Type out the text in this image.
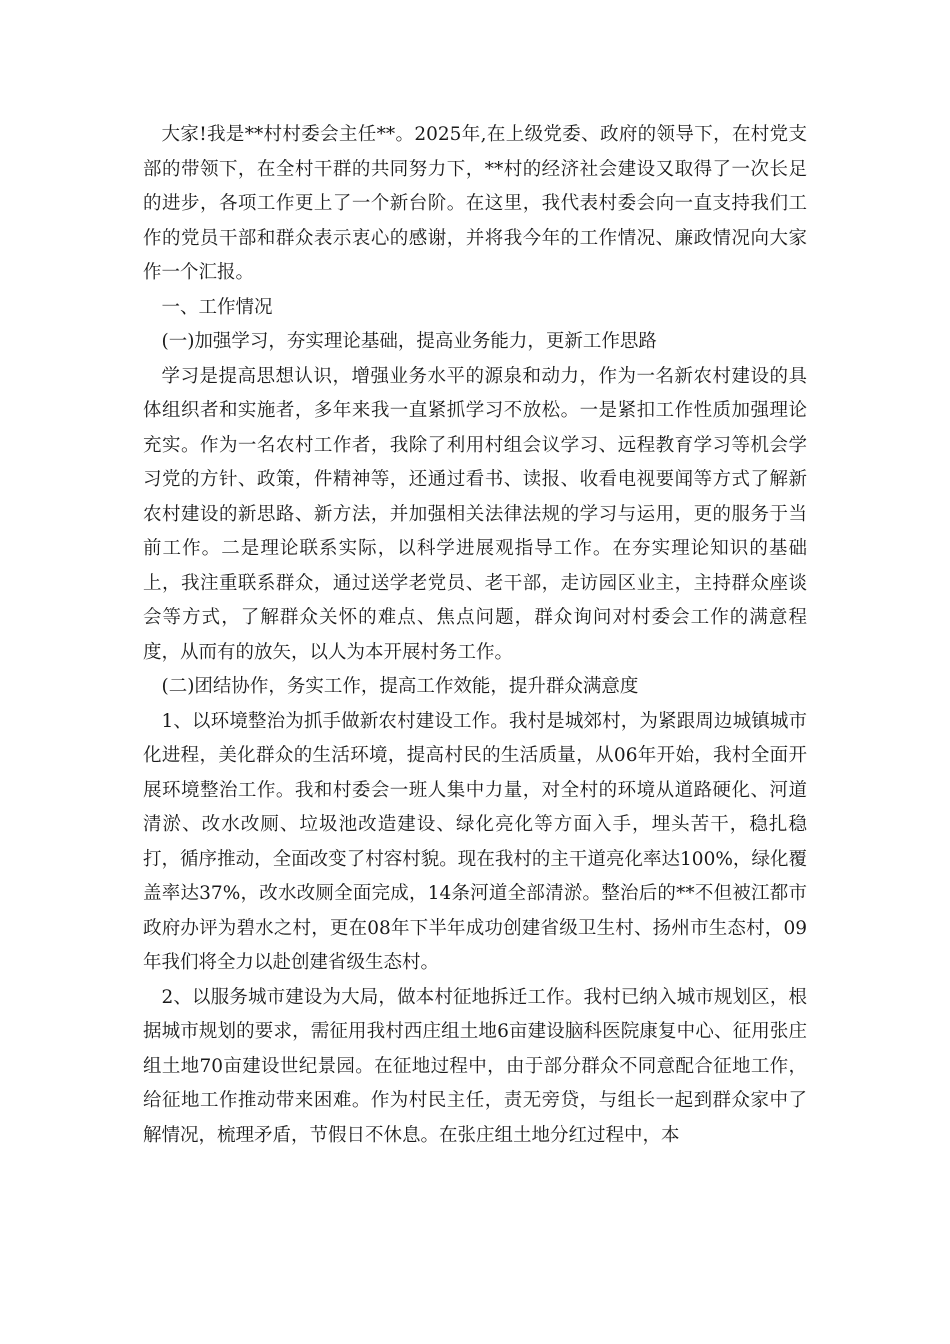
大家!我是**村村委会主任**。2025年,在上级党委、政府的领导下，在村党支部的带领下，在全村干群的共同努力下，**村的经济社会建设又取得了一次长足的进步，各项工作更上了一个新台阶。在这里，我代表村委会向一直支持我们工作的党员干部和群众表示衷心的感谢，并将我今年的工作情况、廉政情况向大家作一个汇报。

一、工作情况

(一)加强学习，夯实理论基础，提高业务能力，更新工作思路

学习是提高思想认识，增强业务水平的源泉和动力，作为一名新农村建设的具体组织者和实施者，多年来我一直紧抓学习不放松。一是紧扣工作性质加强理论充实。作为一名农村工作者，我除了利用村组会议学习、远程教育学习等机会学习党的方针、政策，件精神等，还通过看书、读报、收看电视要闻等方式了解新农村建设的新思路、新方法，并加强相关法律法规的学习与运用，更的服务于当前工作。二是理论联系实际，以科学进展观指导工作。在夯实理论知识的基础上，我注重联系群众，通过送学老党员、老干部，走访园区业主，主持群众座谈会等方式，了解群众关怀的难点、焦点问题，群众询问对村委会工作的满意程度，从而有的放矢，以人为本开展村务工作。

(二)团结协作，务实工作，提高工作效能，提升群众满意度

1、以环境整治为抓手做新农村建设工作。我村是城郊村，为紧跟周边城镇城市化进程，美化群众的生活环境，提高村民的生活质量，从06年开始，我村全面开展环境整治工作。我和村委会一班人集中力量，对全村的环境从道路硬化、河道清淤、改水改厕、垃圾池改造建设、绿化亮化等方面入手，埋头苦干，稳扎稳打，循序推动，全面改变了村容村貌。现在我村的主干道亮化率达100%，绿化覆盖率达37%，改水改厕全面完成，14条河道全部清淤。整治后的**不但被江都市政府办评为碧水之村，更在08年下半年成功创建省级卫生村、扬州市生态村，09年我们将全力以赴创建省级生态村。

2、以服务城市建设为大局，做本村征地拆迁工作。我村已纳入城市规划区，根据城市规划的要求，需征用我村西庄组土地6亩建设脑科医院康复中心、征用张庄组土地70亩建设世纪景园。在征地过程中，由于部分群众不同意配合征地工作，给征地工作推动带来困难。作为村民主任，责无旁贷，与组长一起到群众家中了解情况，梳理矛盾，节假日不休息。在张庄组土地分红过程中，本
